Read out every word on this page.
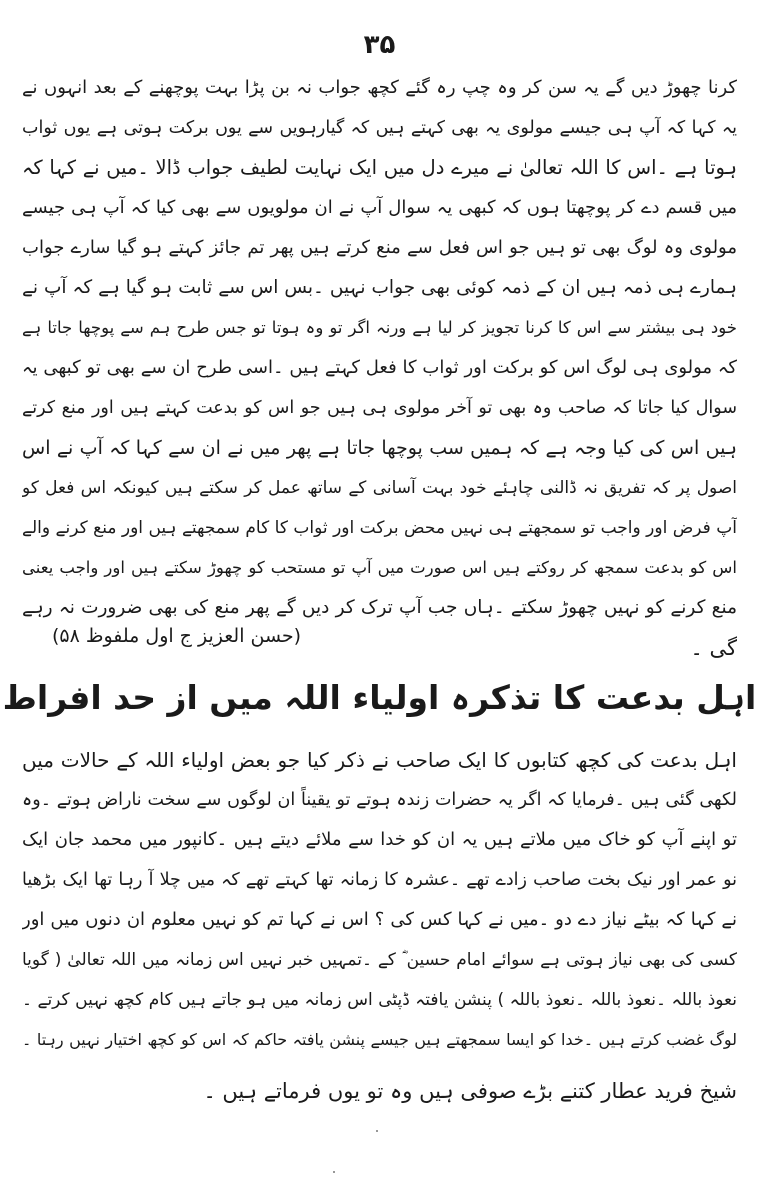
۳۵
کرنا چھوڑ دیں گے یہ سن کر وہ چپ رہ گئے کچھ جواب نہ بن پڑا بہت پوچھنے کے بعد انہوں نے
یہ کہا کہ آپ ہی جیسے مولوی یہ بھی کہتے ہیں کہ گیارہویں سے یوں برکت ہوتی ہے یوں ثواب
ہوتا ہے ۔اس کا اللہ تعالیٰ نے میرے دل میں ایک نہایت لطیف جواب ڈالا ۔میں نے کہا کہ
میں قسم دے کر پوچھتا ہوں کہ کبھی یہ سوال آپ نے ان مولویوں سے بھی کیا کہ آپ ہی جیسے
مولوی وہ لوگ بھی تو ہیں جو اس فعل سے منع کرتے ہیں پھر تم جائز کہتے ہو گیا سارے جواب
ہمارے ہی ذمہ ہیں ان کے ذمہ کوئی بھی جواب نہیں ۔بس اس سے ثابت ہو گیا ہے کہ آپ نے
خود ہی بیشتر سے اس کا کرنا تجویز کر لیا ہے ورنہ اگر تو وہ ہوتا تو جس طرح ہم سے پوچھا جاتا ہے
کہ مولوی ہی لوگ اس کو برکت اور ثواب کا فعل کہتے ہیں ۔اسی طرح ان سے بھی تو کبھی یہ
سوال کیا جاتا کہ صاحب وہ بھی تو آخر مولوی ہی ہیں جو اس کو بدعت کہتے ہیں اور منع کرتے
ہیں اس کی کیا وجہ ہے کہ ہمیں سب پوچھا جاتا ہے پھر میں نے ان سے کہا کہ آپ نے اس
اصول پر کہ تفریق نہ ڈالنی چاہئے خود بہت آسانی کے ساتھ عمل کر سکتے ہیں کیونکہ اس فعل کو
آپ فرض اور واجب تو سمجھتے ہی نہیں محض برکت اور ثواب کا کام سمجھتے ہیں اور منع کرنے والے
اس کو بدعت سمجھ کر روکتے ہیں اس صورت میں آپ تو مستحب کو چھوڑ سکتے ہیں اور واجب یعنی
منع کرنے کو نہیں چھوڑ سکتے ۔ہاں جب آپ ترک کر دیں گے پھر منع کی بھی ضرورت نہ رہے
گی ۔
(حسن العزیز ج اول ملفوظ ۵۸)
اہل بدعت کا تذکرہ اولیاء اللہ میں از حد افراط
اہل بدعت کی کچھ کتابوں کا ایک صاحب نے ذکر کیا جو بعض اولیاء اللہ کے حالات میں
لکھی گئی ہیں ۔فرمایا کہ اگر یہ حضرات زندہ ہوتے تو یقیناً ان لوگوں سے سخت ناراض ہوتے ۔وہ
تو اپنے آپ کو خاک میں ملاتے ہیں یہ ان کو خدا سے ملائے دیتے ہیں ۔کانپور میں محمد جان ایک
نو عمر اور نیک بخت صاحب زادے تھے ۔عشرہ کا زمانہ تھا کہتے تھے کہ میں چلا آ رہا تھا ایک بڑھیا
نے کہا کہ بیٹے نیاز دے دو ۔میں نے کہا کس کی ؟ اس نے کہا تم کو نہیں معلوم ان دنوں میں اور
کسی کی بھی نیاز ہوتی ہے سوائے امام حسین ؓ کے ۔تمہیں خبر نہیں اس زمانہ میں اللہ تعالیٰ ( گویا
نعوذ باللہ ۔نعوذ باللہ ۔نعوذ باللہ ) پنشن یافتہ ڈپٹی اس زمانہ میں ہو جاتے ہیں کام کچھ نہیں کرتے ۔
لوگ غضب کرتے ہیں ۔خدا کو ایسا سمجھتے ہیں جیسے پنشن یافتہ حاکم کہ اس کو کچھ اختیار نہیں رہتا ۔
شیخ فرید عطار کتنے بڑے صوفی ہیں وہ تو یوں فرماتے ہیں ۔
